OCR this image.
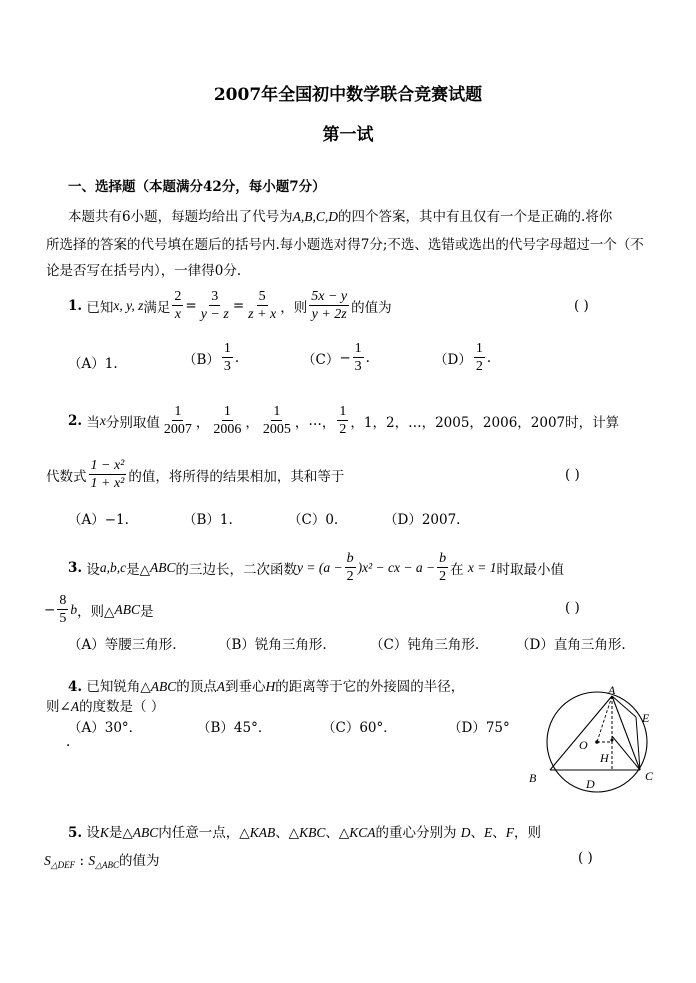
2007年全国初中数学联合竞赛试题
第一试
一、选择题（本题满分42分，每小题7分）
本题共有6小题，每题均给出了代号为A,B,C,D的四个答案，其中有且仅有一个是正确的.将你
所选择的答案的代号填在题后的括号内.每小题选对得7分;不选、选错或选出的代号字母超过一个（不
论是否写在括号内），一律得0分.
1.
已知 x, y, z 满足 $\frac{2}{x} = \frac{3}{y - z} = \frac{5}{z + x}$ ，则 $\frac{5x - y}{y + 2z}$ 的值为	( )
（A）1.	$(B) \frac{1}{3}$ .	$(C) - \frac{1}{3}$ .	$(D) \frac{1}{2}$ .
2.
当 x 分别取值 $\frac{1}{2007}$ ， $\frac{1}{2006}$ ， $\frac{1}{2005}$ ， … ， $\frac{1}{2}$ ， 1，2，…，2005，2006，2007时，计算
代数式 $\frac{\text{1 − x²}}{\text{1 + x²}}$ 的值，将所得的结果相加，其和等于	( )
（A）−1.	（B）1.	（C）0.	（D）2007.
3.
设 a,b,c 是△ ABC 的三边长，二次函数 $y = (a - \frac{b}{2} )x^2$ − cx − $a - \frac{b}{2}$ 在
x = 1 时取最小值
− $\frac{8}{5}$ b ，则△ ABC 是	( )
（A）等腰三角形.	（B）锐角三角形.	（C）钝角三角形.	（D）直角三角形.
4. 已知锐角△ABC的顶点A到垂心H的距离等于它的外接圆的半径，
则∠A的度数是（ ）
（A）30°．	（B）45°．	（C）60°．	（D）75°
.
A
B	C
D
E
O
H
5. 设K是△ABC内任意一点，△KAB、△KBC、△KCA的重心分别为 D、E、F，则
$S_{\triangle DEF}$ : $S_{\triangle ABC}$的值为	( )
